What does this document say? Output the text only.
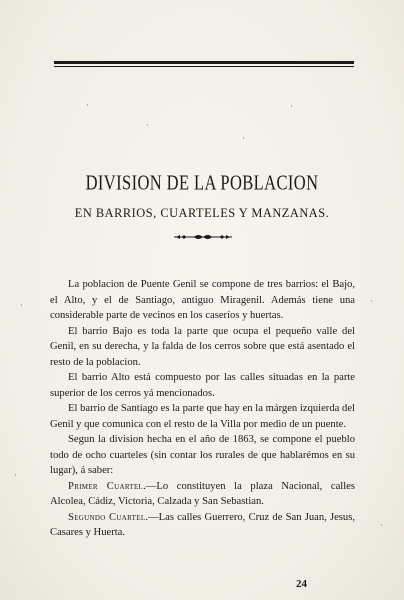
DIVISION DE LA POBLACION
EN BARRIOS, CUARTELES Y MANZANAS.

La poblacion de Puente Genil se compone de tres barrios: el Bajo, el Alto, y el de Santiago, antiguo Miragenil. Además tiene una considerable parte de vecinos en los caseríos y huertas.

El barrio Bajo es toda la parte que ocupa el pequeño valle del Genil, en su derecha, y la falda de los cerros sobre que está asentado el resto de la poblacion.

El barrio Alto está compuesto por las calles situadas en la parte superior de los cerros yá mencionados.

El barrio de Santiago es la parte que hay en la márgen izquierda del Genil y que comunica con el resto de la Villa por medio de un puente.

Segun la division hecha en el año de 1863, se compone el pueblo todo de ocho cuarteles (sin contar los rurales de que hablarémos en su lugar), á saber:

Primer Cuartel.—Lo constituyen la plaza Nacional, calles Alcolea, Cádiz, Victoria, Calzada y San Sebastian.

Segundo Cuartel.—Las calles Guerrero, Cruz de San Juan, Jesus, Casares y Huerta.

24
·	·
·
·
·	·
·
·
